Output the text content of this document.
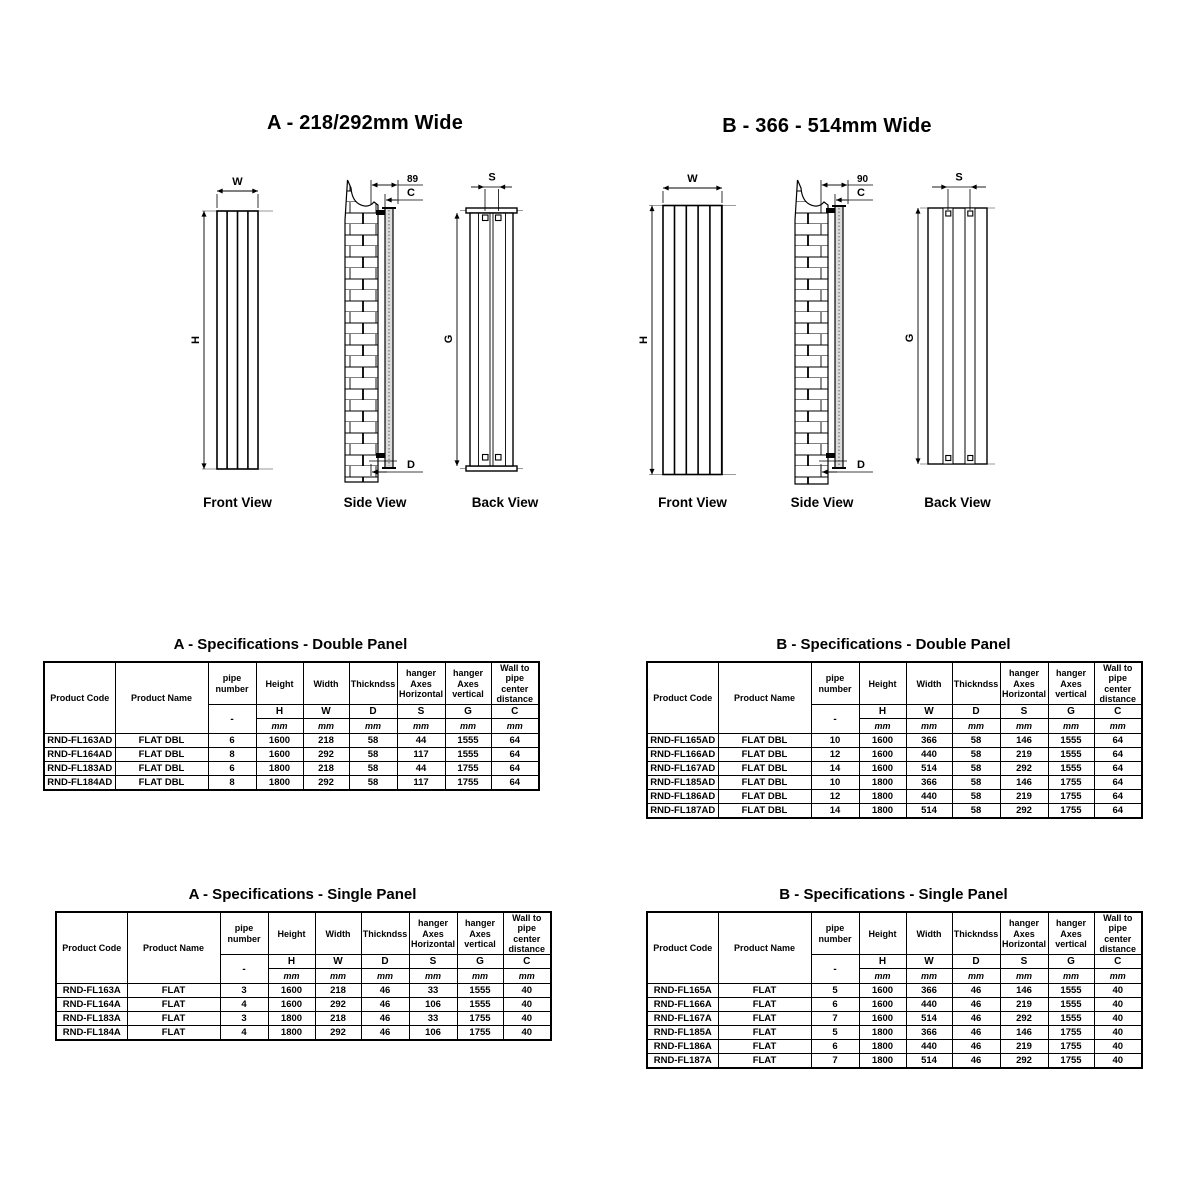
A - 218/292mm Wide	B - 366 - 514mm Wide
W
H
Front View
89
C
D
Side View
S
G
Back View
W
H
Front View
90
C
D
Side View
S
G
Back View
A - Specifications - Double Panel
Product Code	Product Name	pipe number	Height	Width	Thickndss	hanger Axes Horizontal	hanger Axes vertical	Wall to pipe center distance
		-	H	W	D	S	G	C
			mm	mm	mm	mm	mm	mm
RND-FL163AD	FLAT DBL	6	1600	218	58	44	1555	64
RND-FL164AD	FLAT DBL	8	1600	292	58	117	1555	64
RND-FL183AD	FLAT DBL	6	1800	218	58	44	1755	64
RND-FL184AD	FLAT DBL	8	1800	292	58	117	1755	64
B - Specifications - Double Panel
Product Code	Product Name	pipe number	Height	Width	Thickndss	hanger Axes Horizontal	hanger Axes vertical	Wall to pipe center distance
		-	H	W	D	S	G	C
			mm	mm	mm	mm	mm	mm
RND-FL165AD	FLAT DBL	10	1600	366	58	146	1555	64
RND-FL166AD	FLAT DBL	12	1600	440	58	219	1555	64
RND-FL167AD	FLAT DBL	14	1600	514	58	292	1555	64
RND-FL185AD	FLAT DBL	10	1800	366	58	146	1755	64
RND-FL186AD	FLAT DBL	12	1800	440	58	219	1755	64
RND-FL187AD	FLAT DBL	14	1800	514	58	292	1755	64
A - Specifications - Single Panel
Product Code	Product Name	pipe number	Height	Width	Thickndss	hanger Axes Horizontal	hanger Axes vertical	Wall to pipe center distance
		-	H	W	D	S	G	C
			mm	mm	mm	mm	mm	mm
RND-FL163A	FLAT	3	1600	218	46	33	1555	40
RND-FL164A	FLAT	4	1600	292	46	106	1555	40
RND-FL183A	FLAT	3	1800	218	46	33	1755	40
RND-FL184A	FLAT	4	1800	292	46	106	1755	40
B - Specifications - Single Panel
Product Code	Product Name	pipe number	Height	Width	Thickndss	hanger Axes Horizontal	hanger Axes vertical	Wall to pipe center distance
		-	H	W	D	S	G	C
			mm	mm	mm	mm	mm	mm
RND-FL165A	FLAT	5	1600	366	46	146	1555	40
RND-FL166A	FLAT	6	1600	440	46	219	1555	40
RND-FL167A	FLAT	7	1600	514	46	292	1555	40
RND-FL185A	FLAT	5	1800	366	46	146	1755	40
RND-FL186A	FLAT	6	1800	440	46	219	1755	40
RND-FL187A	FLAT	7	1800	514	46	292	1755	40
